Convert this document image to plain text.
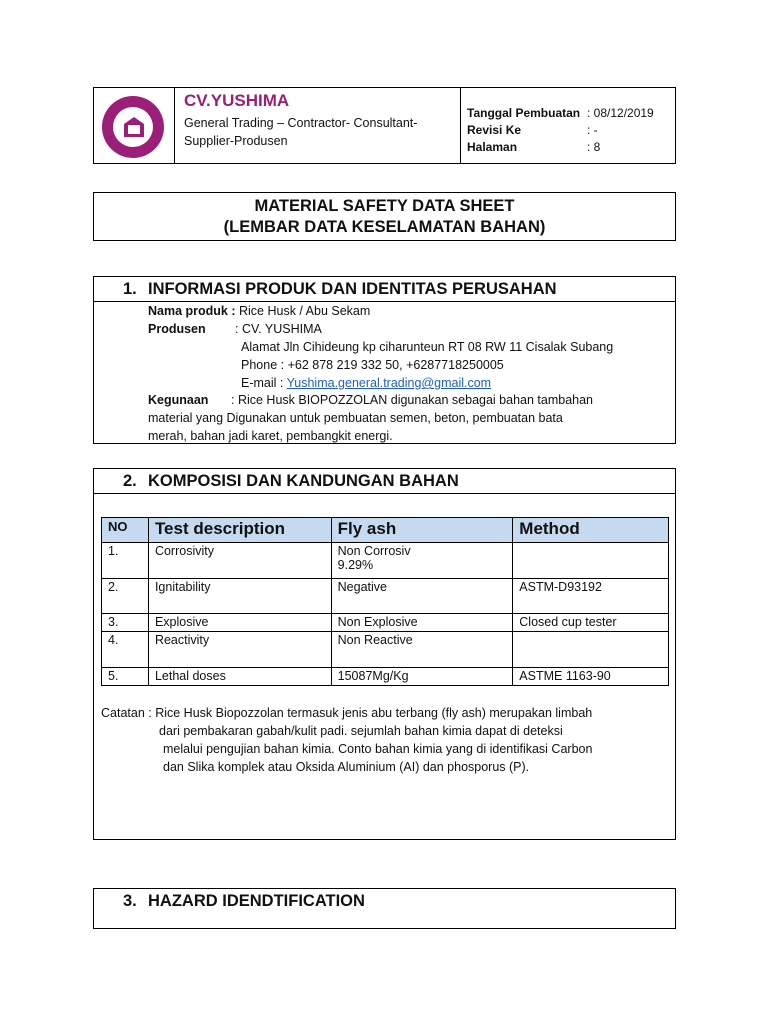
CV.YUSHIMA
General Trading – Contractor- Consultant-Supplier-Produsen
Tanggal Pembuatan : 08/12/2019
Revisi Ke	: -
Halaman	: 8
MATERIAL SAFETY DATA SHEET
(LEMBAR DATA KESELAMATAN BAHAN)
1. INFORMASI PRODUK DAN IDENTITAS PERUSAHAN
Nama produk : Rice Husk / Abu Sekam
Produsen : CV. YUSHIMA
Alamat Jln Cihideung kp ciharunteun RT 08 RW 11 Cisalak Subang
Phone : +62 878 219 332 50, +6287718250005
E-mail : Yushima.general.trading@gmail.com
Kegunaan : Rice Husk BIOPOZZOLAN digunakan sebagai bahan tambahan
material yang Digunakan untuk pembuatan semen, beton, pembuatan bata
merah, bahan jadi karet, pembangkit energi.
2. KOMPOSISI DAN KANDUNGAN BAHAN
NO	Test description	Fly ash	Method
1.	Corrosivity	Non Corrosiv
9.29%	

2.	Ignitability	Negative	ASTM-D93192
3.	Explosive	Non Explosive	Closed cup tester
4.	Reactivity	Non Reactive	
5.	Lethal doses	15087Mg/Kg	ASTME 1163-90
Catatan : Rice Husk Biopozzolan termasuk jenis abu terbang (fly ash) merupakan limbah
dari pembakaran gabah/kulit padi. sejumlah bahan kimia dapat di deteksi
melalui pengujian bahan kimia. Conto bahan kimia yang di identifikasi Carbon
dan Slika komplek atau Oksida Aluminium (AI) dan phosporus (P).
3. HAZARD IDENDTIFICATION
